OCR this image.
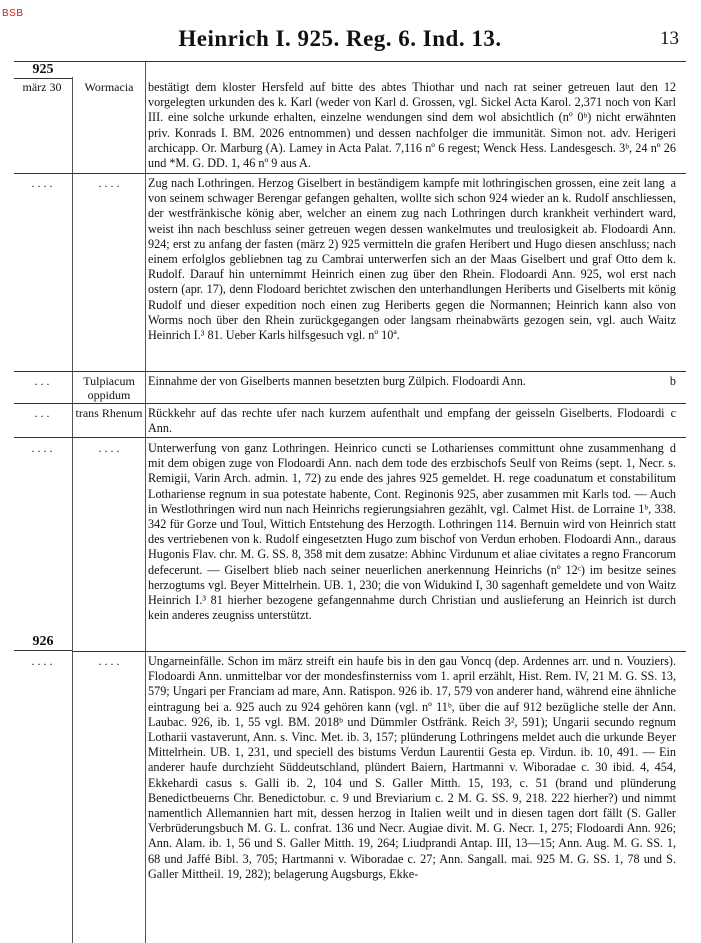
BSB
Heinrich I. 925. Reg. 6. Ind. 13.	13
925
926
märz 30	Wormacia	12
bestätigt dem kloster Hersfeld auf bitte des abtes Thiothar und nach rat seiner getreuen laut den vorgelegten urkunden des k. Karl (weder von Karl d. Grossen, vgl. Sickel Acta Karol. 2,371 noch von Karl III. eine solche urkunde erhalten, einzelne wendungen sind dem wol absichtlich (nº 0ᵇ) nicht erwähnten priv. Konrads I. BM. 2026 entnommen) und dessen nachfolger die immunität. Simon not. adv. Herigeri archicapp. Or. Marburg (A). Lamey in Acta Palat. 7,116 nº 6 regest; Wenck Hess. Landesgesch. 3ᵇ, 24 nº 26 und *M. G. DD. 1, 46 nº 9 aus A.
. . . .	. . . .	a
Zug nach Lothringen. Herzog Giselbert in beständigem kampfe mit lothringischen grossen, eine zeit lang von seinem schwager Berengar gefangen gehalten, wollte sich schon 924 wieder an k. Rudolf anschliessen, der westfränkische könig aber, welcher an einem zug nach Lothringen durch krankheit verhindert ward, weist ihn nach beschluss seiner getreuen wegen dessen wankelmutes und treulosigkeit ab. Flodoardi Ann. 924; erst zu anfang der fasten (märz 2) 925 vermitteln die grafen Heribert und Hugo diesen anschluss; nach einem erfolglos gebliebnen tag zu Cambrai unterwerfen sich an der Maas Giselbert und graf Otto dem k. Rudolf. Darauf hin unternimmt Heinrich einen zug über den Rhein. Flodoardi Ann. 925, wol erst nach ostern (apr. 17), denn Flodoard berichtet zwischen den unterhandlungen Heriberts und Giselberts mit könig Rudolf und dieser expedition noch einen zug Heriberts gegen die Normannen; Heinrich kann also von Worms noch über den Rhein zurückgegangen oder langsam rheinabwärts gezogen sein, vgl. auch Waitz Heinrich I.³ 81. Ueber Karls hilfsgesuch vgl. nº 10ª.
. . .	Tulpiacum oppidum
b
Einnahme der von Giselberts mannen besetzten burg Zülpich. Flodoardi Ann.
. . .	trans Rhenum	c
Rückkehr auf das rechte ufer nach kurzem aufenthalt und empfang der geisseln Giselberts. Flodoardi Ann.
. . . .	. . . .	d
Unterwerfung von ganz Lothringen. Heinrico cuncti se Lotharienses committunt ohne zusammenhang mit dem obigen zuge von Flodoardi Ann. nach dem tode des erzbischofs Seulf von Reims (sept. 1, Necr. s. Remigii, Varin Arch. admin. 1, 72) zu ende des jahres 925 gemeldet. H. rege coadunatum et constabilitum Lothariense regnum in sua potestate habente, Cont. Reginonis 925, aber zusammen mit Karls tod. — Auch in Westlothringen wird nun nach Heinrichs regierungsiahren gezählt, vgl. Calmet Hist. de Lorraine 1ᵇ, 338. 342 für Gorze und Toul, Wittich Entstehung des Herzogth. Lothringen 114. Bernuin wird von Heinrich statt des vertriebenen von k. Rudolf eingesetzten Hugo zum bischof von Verdun erhoben. Flodoardi Ann., daraus Hugonis Flav. chr. M. G. SS. 8, 358 mit dem zusatze: Abhinc Virdunum et aliae civitates a regno Francorum defecerunt. — Giselbert blieb nach seiner neuerlichen anerkennung Heinrichs (nº 12ᶜ) im besitze seines herzogtums vgl. Beyer Mittelrhein. UB. 1, 230; die von Widukind I, 30 sagenhaft gemeldete und von Waitz Heinrich I.³ 81 hierher bezogene gefangennahme durch Christian und auslieferung an Heinrich ist durch kein anderes zeugniss unterstützt.
. . . .	. . . .	Ungarneinfälle. Schon im märz streift ein haufe bis in den gau Voncq (dep. Ardennes arr. und n. Vouziers). Flodoardi Ann. unmittelbar vor der mondesfinsterniss vom 1. april erzählt, Hist. Rem. IV, 21 M. G. SS. 13, 579; Ungari per Franciam ad mare, Ann. Ratispon. 926 ib. 17, 579 von anderer hand, während eine ähnliche eintragung bei a. 925 auch zu 924 gehören kann (vgl. nº 11ᵇ, über die auf 912 bezügliche stelle der Ann. Laubac. 926, ib. 1, 55 vgl. BM. 2018ᵇ und Dümmler Ostfränk. Reich 3², 591); Ungarii secundo regnum Lotharii vastaverunt, Ann. s. Vinc. Met. ib. 3, 157; plünderung Lothringens meldet auch die urkunde Beyer Mittelrhein. UB. 1, 231, und speciell des bistums Verdun Laurentii Gesta ep. Virdun. ib. 10, 491. — Ein anderer haufe durchzieht Süddeutschland, plündert Baiern, Hartmanni v. Wiboradae c. 30 ibid. 4, 454, Ekkehardi casus s. Galli ib. 2, 104 und S. Galler Mitth. 15, 193, c. 51 (brand und plünderung Benedictbeuerns Chr. Benedictobur. c. 9 und Breviarium c. 2 M. G. SS. 9, 218. 222 hierher?) und nimmt namentlich Allemannien hart mit, dessen herzog in Italien weilt und in diesen tagen dort fällt (S. Galler Verbrüderungsbuch M. G. L. confrat. 136 und Necr. Augiae divit. M. G. Necr. 1, 275; Flodoardi Ann. 926; Ann. Alam. ib. 1, 56 und S. Galler Mitth. 19, 264; Liudprandi Antap. III, 13—15; Ann. Aug. M. G. SS. 1, 68 und Jaffé Bibl. 3, 705; Hartmanni v. Wiboradae c. 27; Ann. Sangall. mai. 925 M. G. SS. 1, 78 und S. Galler Mittheil. 19, 282); belagerung Augsburgs, Ekke-
